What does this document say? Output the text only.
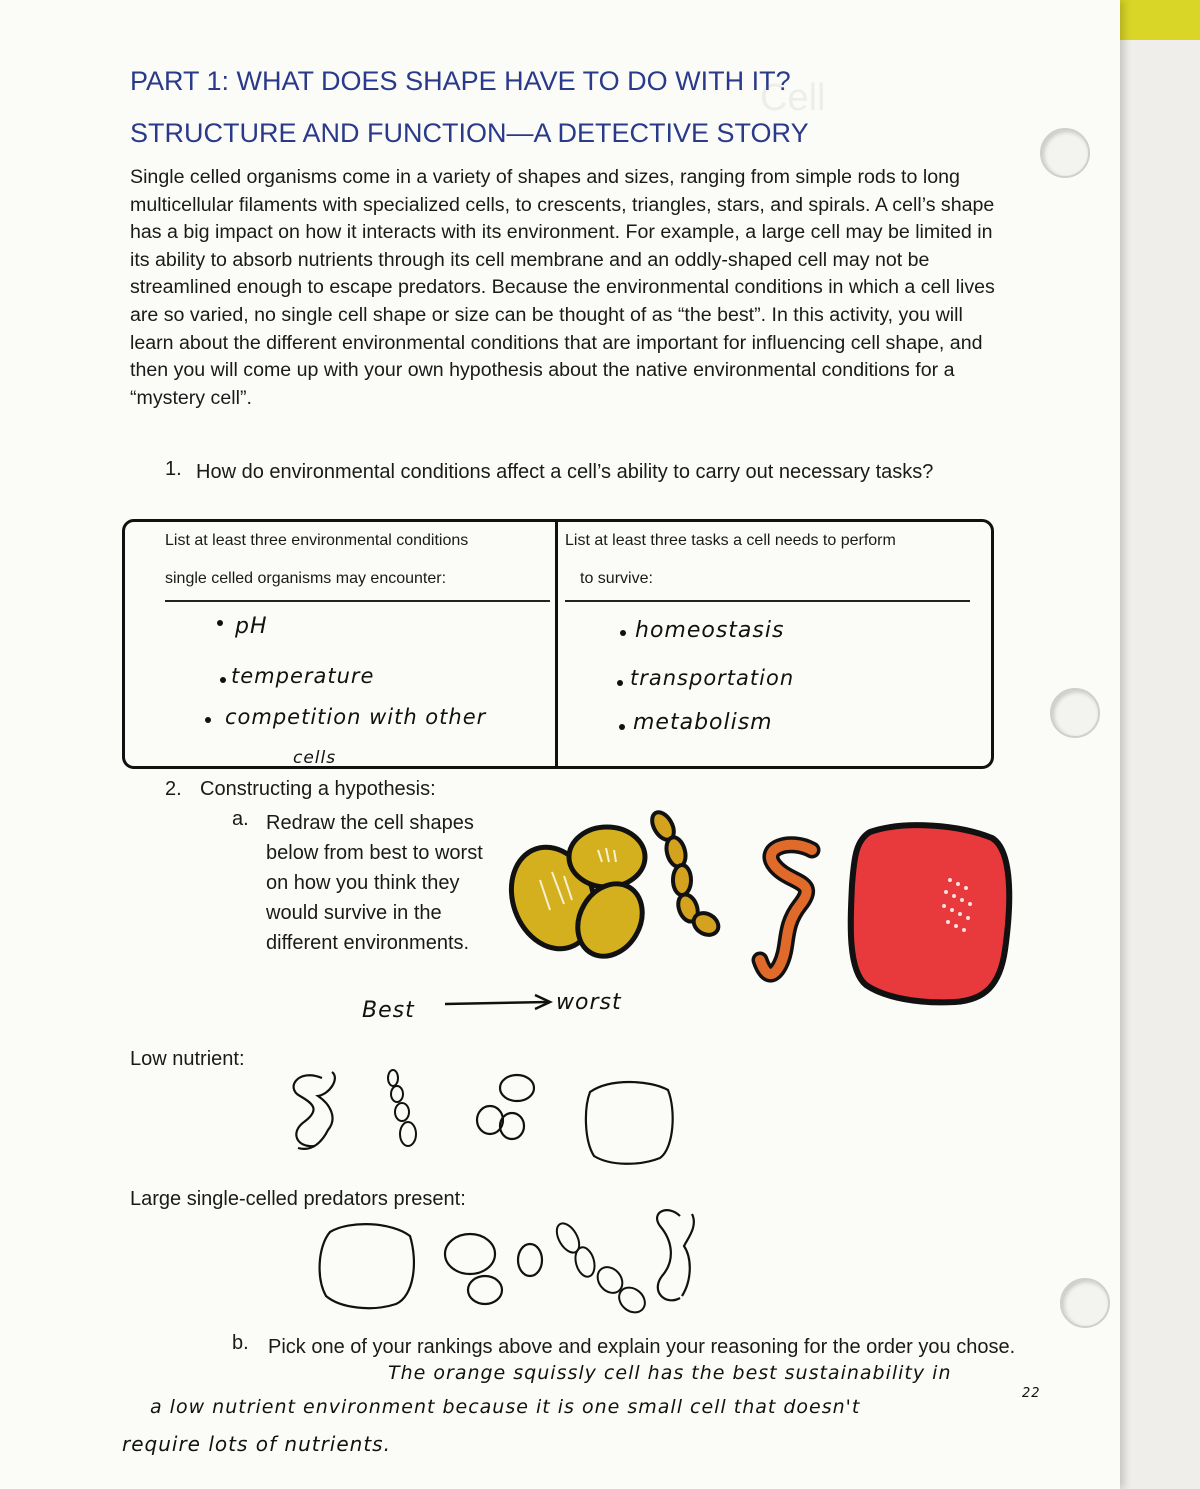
PART 1: WHAT DOES SHAPE HAVE TO DO WITH IT?
STRUCTURE AND FUNCTION—A DETECTIVE STORY
Single celled organisms come in a variety of shapes and sizes, ranging from simple rods to long multicellular filaments with specialized cells, to crescents, triangles, stars, and spirals. A cell’s shape has a big impact on how it interacts with its environment. For example, a large cell may be limited in its ability to absorb nutrients through its cell membrane and an oddly-shaped cell may not be streamlined enough to escape predators. Because the environmental conditions in which a cell lives are so varied, no single cell shape or size can be thought of as “the best”. In this activity, you will learn about the different environmental conditions that are important for influencing cell shape, and then you will come up with your own hypothesis about the native environmental conditions for a “mystery cell”.
1. How do environmental conditions affect a cell’s ability to carry out necessary tasks?
List at least three environmental conditions
single celled organisms may encounter:
List at least three tasks a cell needs to perform
to survive:
pH
temperature
competition with other
cells
homeostasis
transportation
metabolism
2. Constructing a hypothesis:
a. Redraw the cell shapes below from best to worst on how you think they would survive in the different environments.
Best	worst
Low nutrient:
Large single-celled predators present:
b. Pick one of your rankings above and explain your reasoning for the order you chose.
The orange squissly cell has the best sustainability in
a low nutrient environment because it is one small cell that doesn't
22
require lots of nutrients.
Cell
